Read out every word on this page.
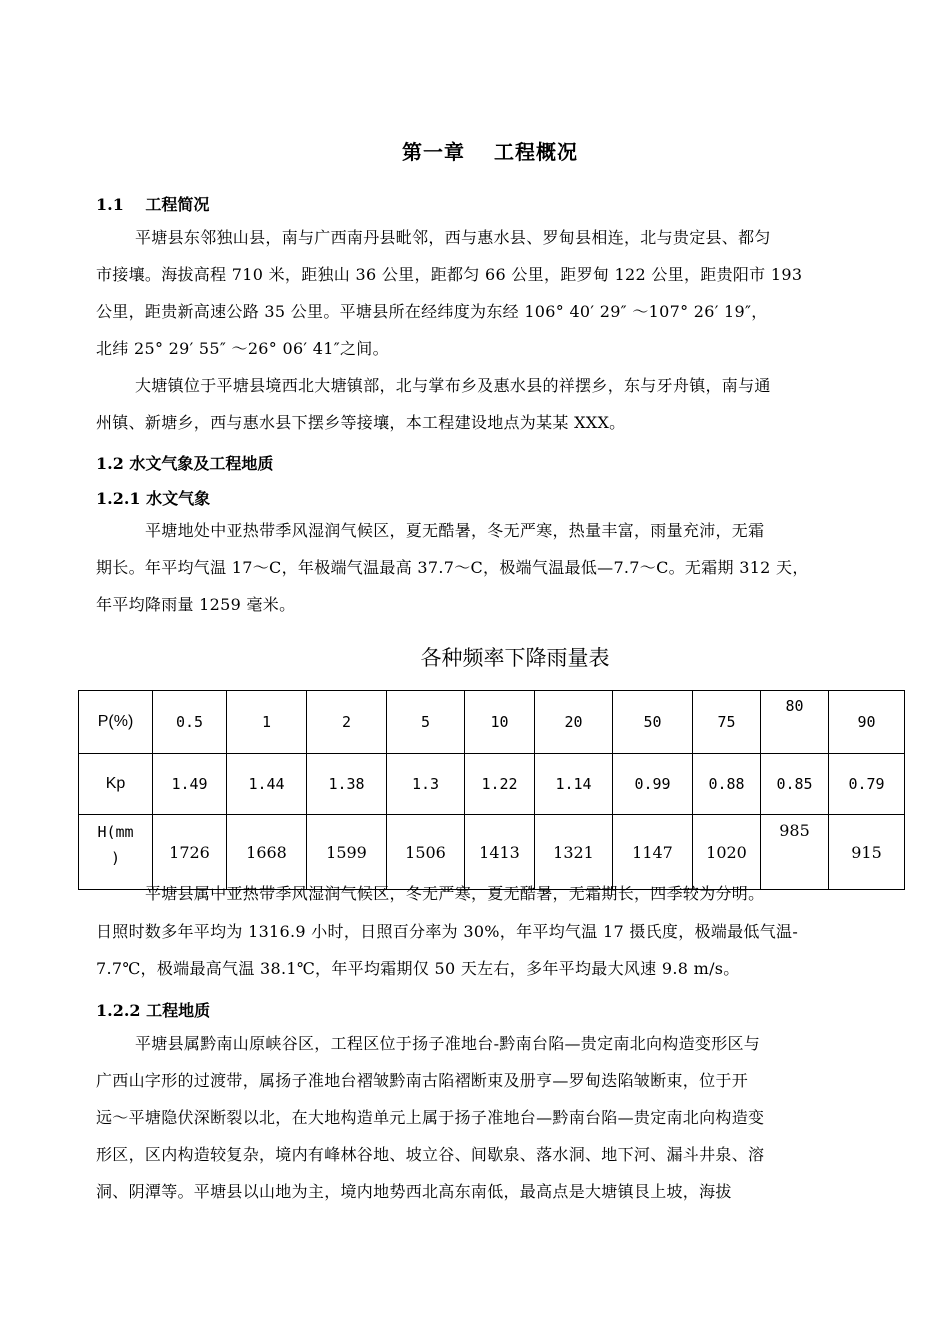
第一章　 工程概况
1.1　 工程简况
平塘县东邻独山县，南与广西南丹县毗邻，西与惠水县、罗甸县相连，北与贵定县、都匀
市接壤。海拔高程 710 米，距独山 36 公里，距都匀 66 公里，距罗甸 122 公里，距贵阳市 193
公里，距贵新高速公路 35 公里。平塘县所在经纬度为东经 106° 40′ 29″ ～107° 26′ 19″，
北纬 25° 29′ 55″ ～26° 06′ 41″之间。
大塘镇位于平塘县境西北大塘镇部，北与掌布乡及惠水县的祥摆乡，东与牙舟镇，南与通
州镇、新塘乡，西与惠水县下摆乡等接壤，本工程建设地点为某某 XXX。
1.2 水文气象及工程地质
1.2.1 水文气象
平塘地处中亚热带季风湿润气候区，夏无酷暑，冬无严寒，热量丰富，雨量充沛，无霜
期长。年平均气温 17～C，年极端气温最高 37.7～C，极端气温最低—7.7～C。无霜期 312 天，
年平均降雨量 1259 毫米。
各种频率下降雨量表
P(%)	0.5	1	2	5	10	20	50	75	80	90
Kp	1.49	1.44	1.38	1.3	1.22	1.14	0.99	0.88	0.85	0.79

H(mm
)	1726	1668	1599	1506	1413	1321	1147	1020	985	915
平塘县属中亚热带季风湿润气候区，冬无严寒，夏无酷暑，无霜期长，四季较为分明。
日照时数多年平均为 1316.9 小时，日照百分率为 30%，年平均气温 17 摄氏度，极端最低气温-
7.7℃，极端最高气温 38.1℃，年平均霜期仅 50 天左右，多年平均最大风速 9.8 m/s。
1.2.2 工程地质
平塘县属黔南山原峡谷区，工程区位于扬子准地台-黔南台陷—贵定南北向构造变形区与
广西山字形的过渡带，属扬子准地台褶皱黔南古陷褶断束及册亨—罗甸迭陷皱断束，位于开
远～平塘隐伏深断裂以北，在大地构造单元上属于扬子准地台—黔南台陷—贵定南北向构造变
形区，区内构造较复杂，境内有峰林谷地、坡立谷、间歇泉、落水洞、地下河、漏斗井泉、溶
洞、阴潭等。平塘县以山地为主，境内地势西北高东南低，最高点是大塘镇艮上坡，海拔
